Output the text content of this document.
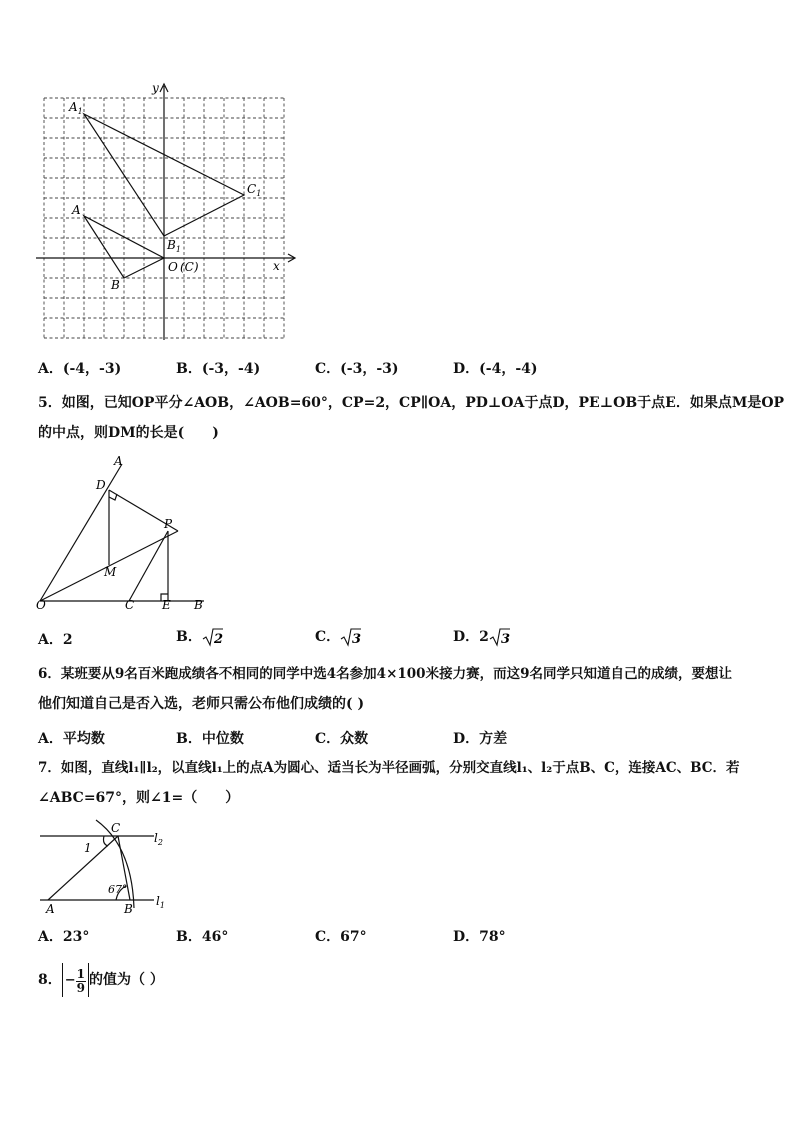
x
y
$A_1$
$C_1$
A
$B_1$
O (C)
B
A．(-4，-3)	B．(-3，-4)	C．(-3，-3)	D．(-4，-4)
5．如图，已知OP平分∠AOB，∠AOB=60°，CP=2，CP∥OA，PD⊥OA于点D，PE⊥OB于点E．如果点M是OP
的中点，则DM的长是(　　)
A
D
P
M
O	C E B
A．2	B． 2	C． 3	D．2 3
6．某班要从9名百米跑成绩各不相同的同学中选4名参加4×100米接力赛，而这9名同学只知道自己的成绩，要想让
他们知道自己是否入选，老师只需公布他们成绩的( )
A．平均数	B．中位数	C．众数	D．方差
7．如图，直线l₁∥l₂，以直线l₁上的点A为圆心、适当长为半径画弧，分别交直线l₁、l₂于点B、C，连接AC、BC．若
∠ABC=67°，则∠1=（　　）
C
$l_2$
1
67°
A	B
$l_1$
A．23°	B．46°	C．67°	D．78°
8． − $\frac{1}{9}$ 的值为（ ）
